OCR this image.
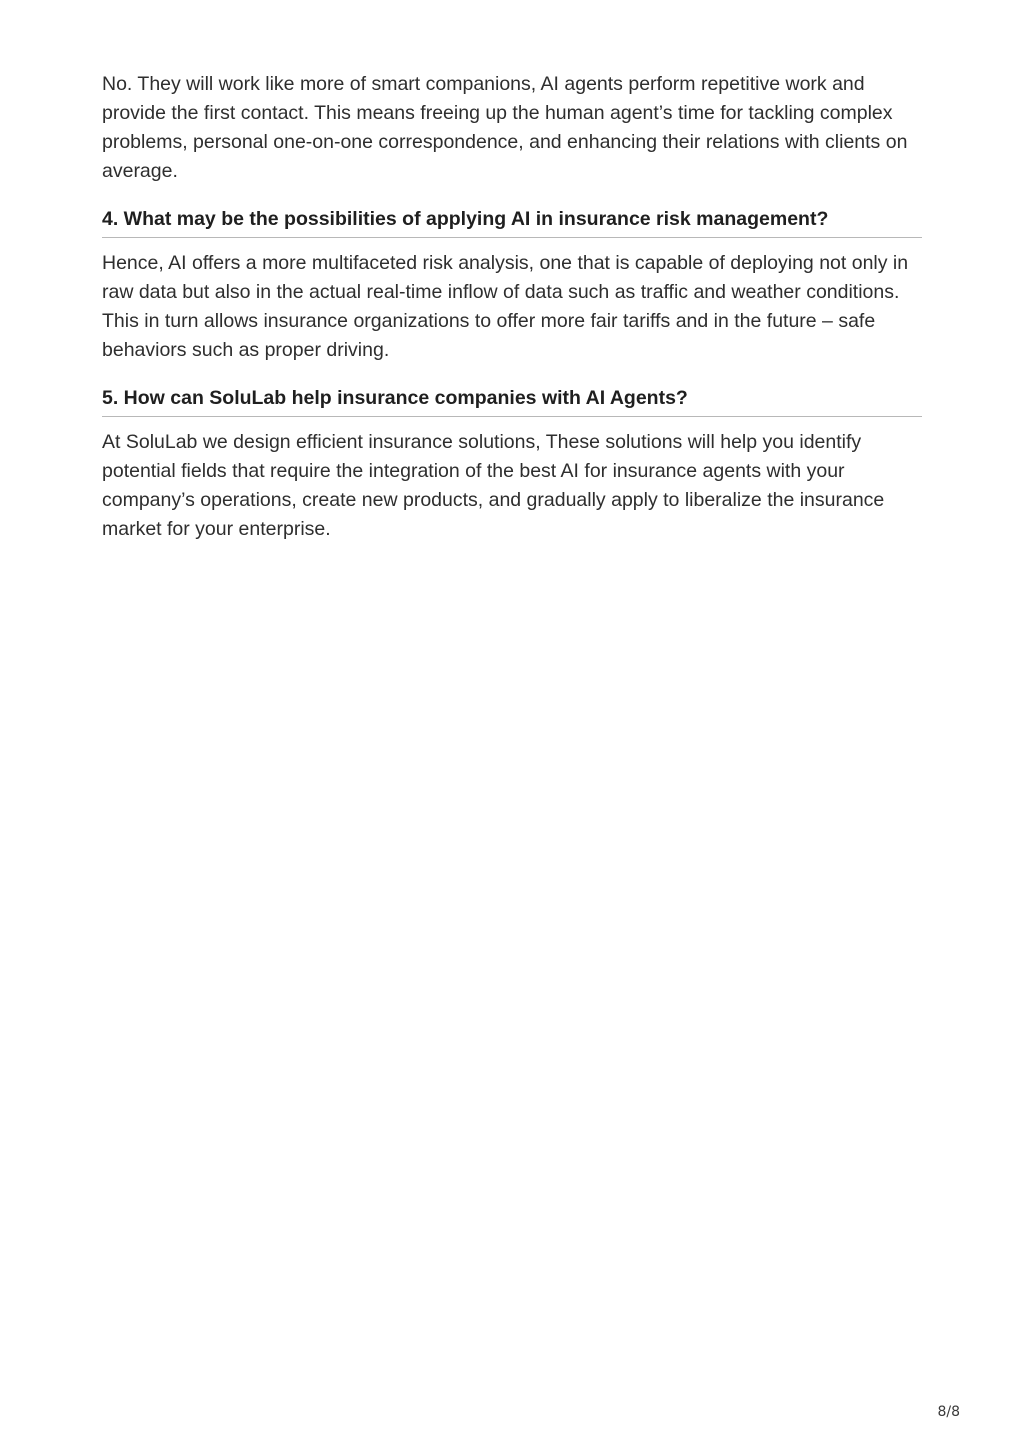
No. They will work like more of smart companions, AI agents perform repetitive work and provide the first contact. This means freeing up the human agent’s time for tackling complex problems, personal one-on-one correspondence, and enhancing their relations with clients on average.

4. What may be the possibilities of applying AI in insurance risk management?

Hence, AI offers a more multifaceted risk analysis, one that is capable of deploying not only in raw data but also in the actual real-time inflow of data such as traffic and weather conditions. This in turn allows insurance organizations to offer more fair tariffs and in the future – safe behaviors such as proper driving.

5. How can SoluLab help insurance companies with AI Agents?

At SoluLab we design efficient insurance solutions, These solutions will help you identify potential fields that require the integration of the best AI for insurance agents with your company’s operations, create new products, and gradually apply to liberalize the insurance market for your enterprise.

8/8
